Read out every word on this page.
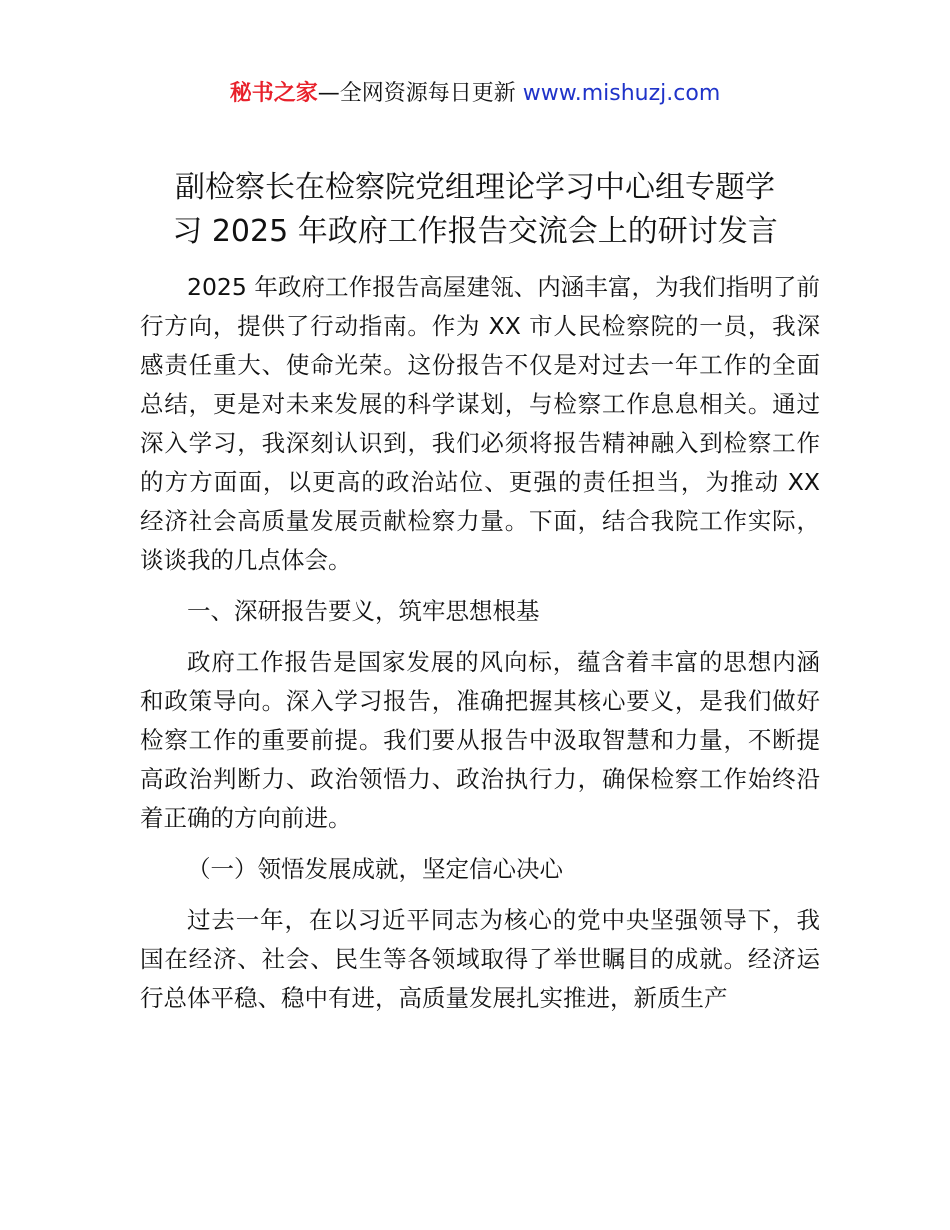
秘书之家—全网资源每日更新 www.mishuzj.com
副检察长在检察院党组理论学习中心组专题学
习 2025 年政府工作报告交流会上的研讨发言

2025 年政府工作报告高屋建瓴、内涵丰富，为我们指明了前行方向，提供了行动指南。作为 XX 市人民检察院的一员，我深感责任重大、使命光荣。这份报告不仅是对过去一年工作的全面总结，更是对未来发展的科学谋划，与检察工作息息相关。通过深入学习，我深刻认识到，我们必须将报告精神融入到检察工作的方方面面，以更高的政治站位、更强的责任担当，为推动 XX 经济社会高质量发展贡献检察力量。下面，结合我院工作实际，谈谈我的几点体会。

一、深研报告要义，筑牢思想根基

政府工作报告是国家发展的风向标，蕴含着丰富的思想内涵和政策导向。深入学习报告，准确把握其核心要义，是我们做好检察工作的重要前提。我们要从报告中汲取智慧和力量，不断提高政治判断力、政治领悟力、政治执行力，确保检察工作始终沿着正确的方向前进。

（一）领悟发展成就，坚定信心决心

过去一年，在以习近平同志为核心的党中央坚强领导下，我国在经济、社会、民生等各领域取得了举世瞩目的成就。经济运行总体平稳、稳中有进，高质量发展扎实推进，新质生产
